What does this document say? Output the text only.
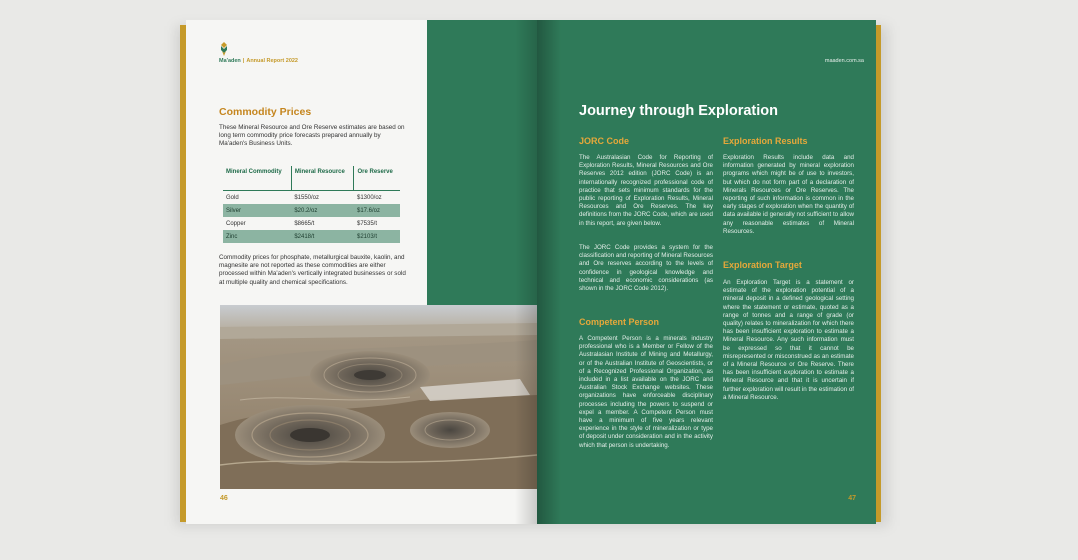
Ma'aden | Annual Report 2022
Commodity Prices
These Mineral Resource and Ore Reserve estimates are based on long term commodity price forecasts prepared annually by Ma'aden's Business Units.
Mineral Commodity	Mineral Resource	Ore Reserve
Gold	$1550/oz	$1300/oz
Silver	$20.2/oz	$17.6/oz
Copper	$8665/t	$7535/t
Zinc	$2418/t	$2103/t
Commodity prices for phosphate, metallurgical bauxite, kaolin, and magnesite are not reported as these commodities are either processed within Ma'aden's vertically integrated businesses or sold at multiple quality and chemical specifications.
46
maaden.com.sa
Journey through Exploration
JORC Code
The Australasian Code for Reporting of Exploration Results, Mineral Resources and Ore Reserves 2012 edition (JORC Code) is an internationally recognized professional code of practice that sets minimum standards for the public reporting of Exploration Results, Mineral Resources and Ore Reserves. The key definitions from the JORC Code, which are used in this report, are given below.
The JORC Code provides a system for the classification and reporting of Mineral Resources and Ore reserves according to the levels of confidence in geological knowledge and technical and economic considerations (as shown in the JORC Code 2012).
Competent Person
A Competent Person is a minerals industry professional who is a Member or Fellow of the Australasian Institute of Mining and Metallurgy, or of the Australian Institute of Geoscientists, or of a Recognized Professional Organization, as included in a list available on the JORC and Australian Stock Exchange websites. These organizations have enforceable disciplinary processes including the powers to suspend or expel a member. A Competent Person must have a minimum of five years relevant experience in the style of mineralization or type of deposit under consideration and in the activity which that person is undertaking.
Exploration Results
Exploration Results include data and information generated by mineral exploration programs which might be of use to investors, but which do not form part of a declaration of Minerals Resources or Ore Reserves. The reporting of such information is common in the early stages of exploration when the quantity of data available id generally not sufficient to allow any reasonable estimates of Mineral Resources.
Exploration Target
An Exploration Target is a statement or estimate of the exploration potential of a mineral deposit in a defined geological setting where the statement or estimate, quoted as a range of tonnes and a range of grade (or quality) relates to mineralization for which there has been insufficient exploration to estimate a Mineral Resource. Any such information must be expressed so that it cannot be misrepresented or misconstrued as an estimate of a Mineral Resource or Ore Reserve. There has been insufficient exploration to estimate a Mineral Resource and that it is uncertain if further exploration will result in the estimation of a Mineral Resource.
47
